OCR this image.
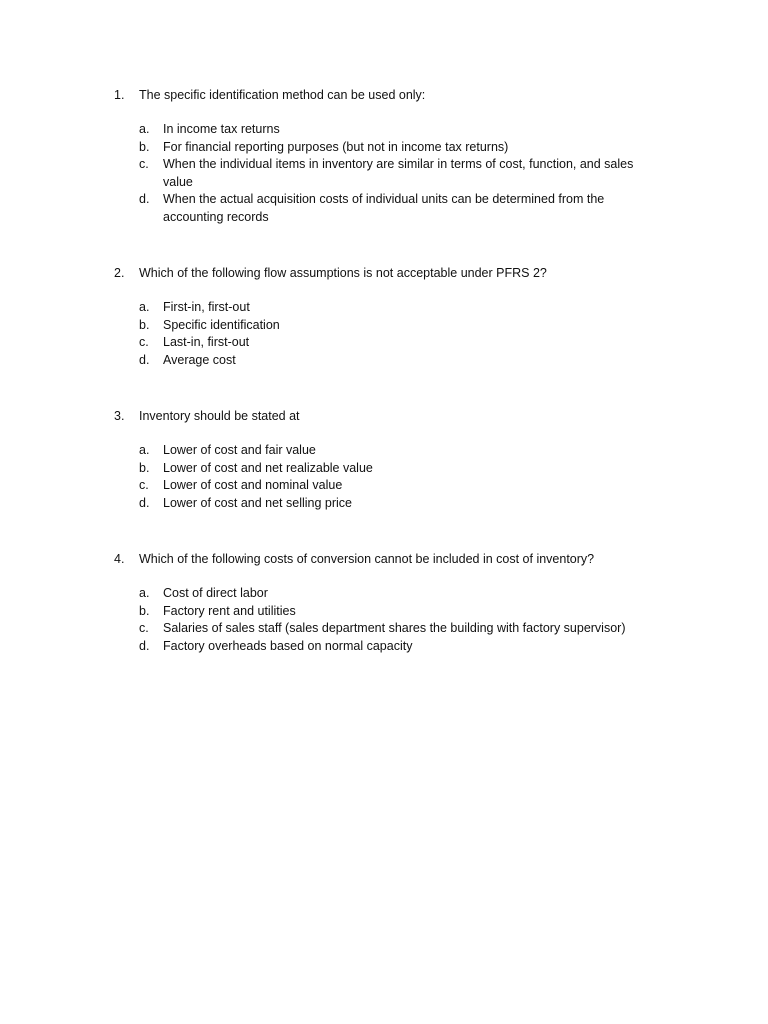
1. The specific identification method can be used only:
a. In income tax returns
b. For financial reporting purposes (but not in income tax returns)
c. When the individual items in inventory are similar in terms of cost, function, and sales value
d. When the actual acquisition costs of individual units can be determined from the accounting records
2. Which of the following flow assumptions is not acceptable under PFRS 2?
a. First-in, first-out
b. Specific identification
c. Last-in, first-out
d. Average cost
3. Inventory should be stated at
a. Lower of cost and fair value
b. Lower of cost and net realizable value
c. Lower of cost and nominal value
d. Lower of cost and net selling price
4. Which of the following costs of conversion cannot be included in cost of inventory?
a. Cost of direct labor
b. Factory rent and utilities
c. Salaries of sales staff (sales department shares the building with factory supervisor)
d. Factory overheads based on normal capacity
